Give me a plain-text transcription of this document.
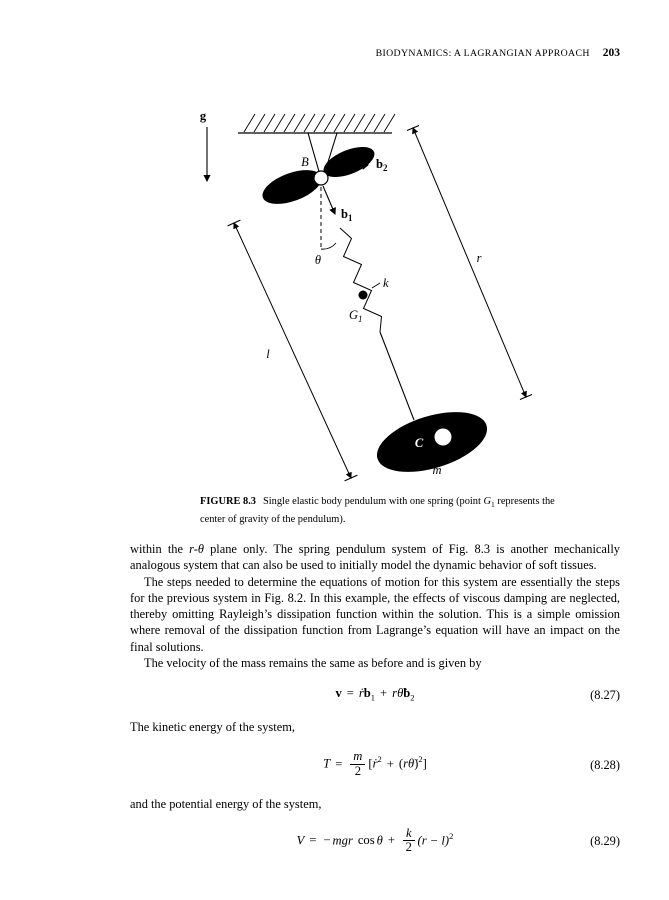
BIODYNAMICS: A LAGRANGIAN APPROACH 203
g
B	$b_2$
$b_1$
θ
k
$G_1$
l
r
C
m
FIGURE 8.3 Single elastic body pendulum with one spring (point $G_1$ represents the center of gravity of the pendulum).

within the r-θ plane only. The spring pendulum system of Fig. 8.3 is another mechanically analogous system that can also be used to initially model the dynamic behavior of soft tissues.

The steps needed to determine the equations of motion for this system are essentially the steps for the previous system in Fig. 8.2. In this example, the effects of viscous damping are neglected, thereby omitting Rayleigh’s dissipation function within the solution. This is a simple omission where removal of the dissipation function from Lagrange’s equation will have an impact on the final solutions.

The velocity of the mass remains the same as before and is given by

v = ṙb$_1$ + $r\thetȧb_2$	(8.27)

The kinetic energy of the system,

$T = \frac{m}{2}$ [ṙ$^2$ + (rθ̇)$^2$]	(8.28)

and the potential energy of the system,

V = − mgr $\cos \theta + \frac{k}{2} (r - l)^2$	(8.29)
